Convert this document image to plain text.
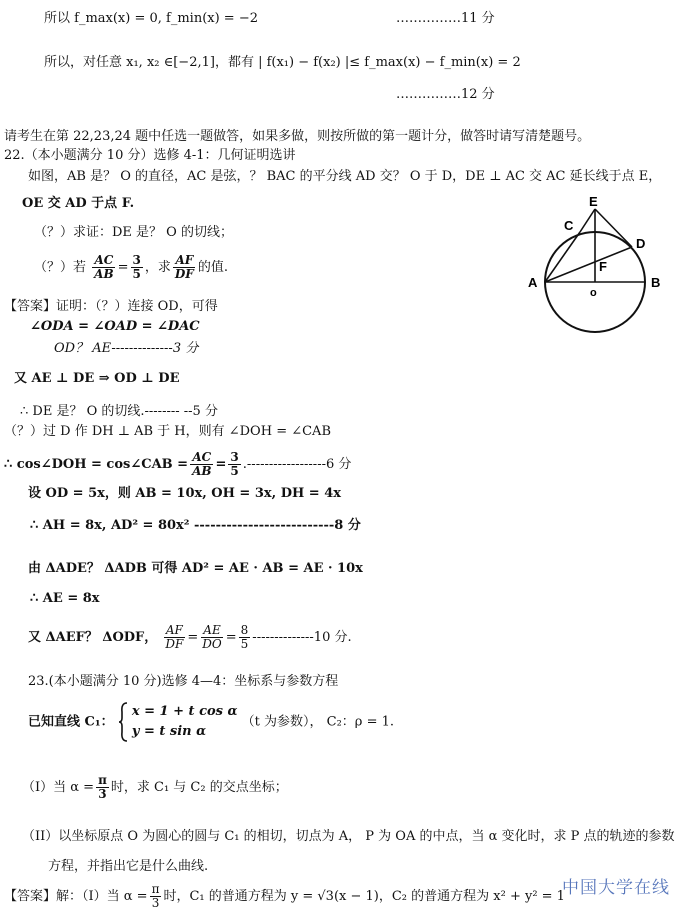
所以 f_max(x) = 0, f_min(x) = −2	……………11 分
所以，对任意 x₁, x₂ ∈[−2,1]，都有 | f(x₁) − f(x₂) |≤ f_max(x) − f_min(x) = 2
……………12 分
请考生在第 22,23,24 题中任选一题做答，如果多做，则按所做的第一题计分，做答时请写清楚题号。
22.（本小题满分 10 分）选修 4-1：几何证明选讲
如图，AB 是？ O 的直径，AC 是弦，？ BAC 的平分线 AD 交？ O 于 D，DE ⊥ AC 交 AC 延长线于点 E，
OE 交 AD 于点 F.
（？）求证：DE 是？ O 的切线；
（？）若 $\frac{AC}{AB} = \frac{3}{5}$ ，求 $\frac{AF}{DF}$ 的值.
E
C
D
F
A	B
o
【答案】证明：（？）连接 OD，可得
∠ODA = ∠OAD = ∠DAC
OD？ AE--------------3 分
又 AE ⊥ DE ⇒ OD ⊥ DE
∴ DE 是？ O 的切线.-------- --5 分
（？）过 D 作 DH ⊥ AB 于 H，则有 ∠DOH = ∠CAB
∴ cos∠DOH = cos∠CAB = $\frac{AC}{AB} = \frac{3}{5} .------------------6$ 分
设 OD = 5x，则 AB = 10x, OH = 3x, DH = 4x
∴ AH = 8x, AD² = 80x² --------------------------8 分
由 ΔADE？ ΔADB 可得 AD² = AE · AB = AE · 10x
∴ AE = 8x
又 ΔAEF？ ΔODF， $\frac{AF}{DF} = \frac{AE}{DO} = \frac{8}{5} --------------10$ 分.
23.(本小题满分 10 分)选修 4—4：坐标系与参数方程
已知直线 C₁：
x = 1 + t cos α
y = t sin α
（t 为参数）， C₂：ρ = 1.
（I）当 $\alpha = \frac{\pi}{3}$ 时，求 C₁ 与 C₂ 的交点坐标；
（II）以坐标原点 O 为圆心的圆与 C₁ 的相切，切点为 A， P 为 OA 的中点，当 α 变化时，求 P 点的轨迹的参数
方程，并指出它是什么曲线.
【答案】解：（I）当 $\alpha = \frac{\pi}{3}$ 时，C₁ 的普通方程为 y = √3(x − 1)，C₂ 的普通方程为 x² + y² = 1
中国大学在线
